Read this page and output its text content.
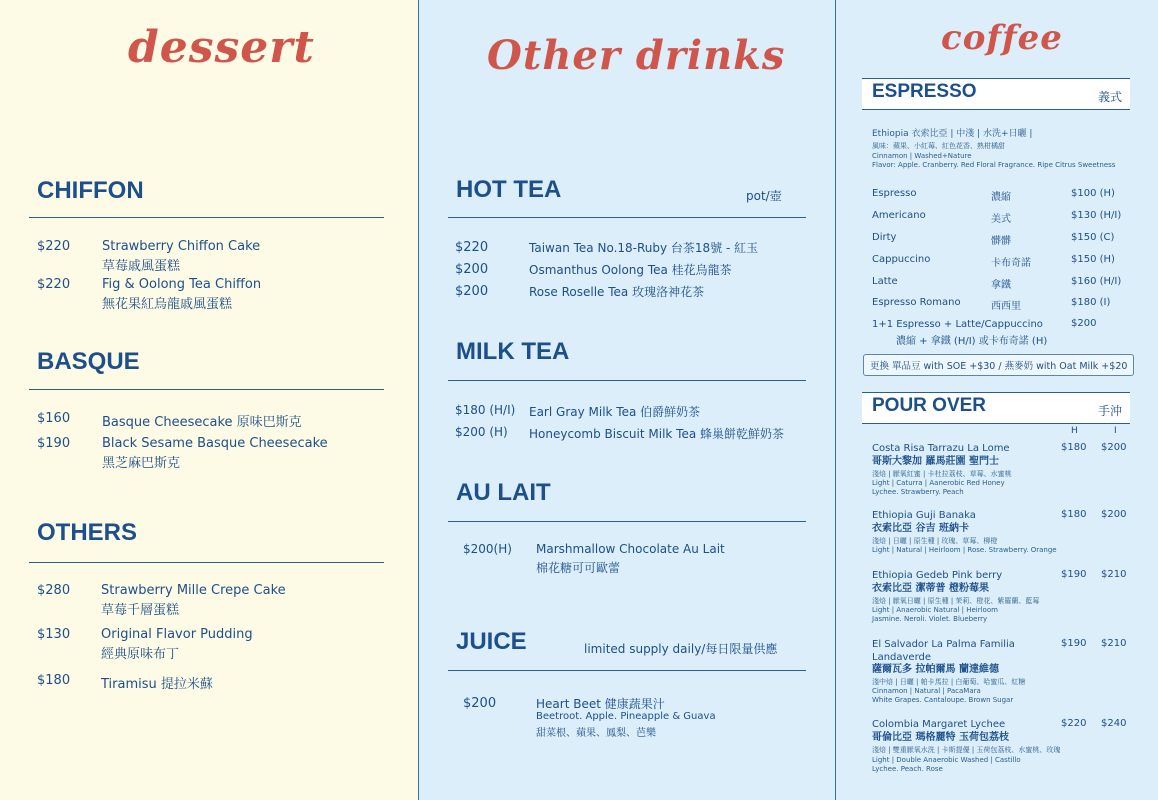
dessert
CHIFFON
$220 Strawberry Chiffon Cake
草莓戚風蛋糕
$220 Fig & Oolong Tea Chiffon
無花果紅烏龍戚風蛋糕
BASQUE
$160 Basque Cheesecake 原味巴斯克
$190 Black Sesame Basque Cheesecake
黑芝麻巴斯克
OTHERS
$280 Strawberry Mille Crepe Cake
草莓千層蛋糕
$130 Original Flavor Pudding
經典原味布丁
$180 Tiramisu 提拉米蘇
Other drinks
HOT TEA	pot/壺
$220	Taiwan Tea No.18-Ruby 台茶18號 - 紅玉
$200	Osmanthus Oolong Tea 桂花烏龍茶
$200	Rose Roselle Tea 玫瑰洛神花茶
MILK TEA
$180 (H/I) Earl Gray Milk Tea 伯爵鮮奶茶
$200 (H) Honeycomb Biscuit Milk Tea 蜂巢餅乾鮮奶茶
AU LAIT
$200(H) Marshmallow Chocolate Au Lait
棉花糖可可歐蕾
JUICE	limited supply daily/每日限量供應
$200	Heart Beet 健康蔬果汁
Beetroot. Apple. Pineapple & Guava
甜菜根、蘋果、鳳梨、芭樂
coffee
ESPRESSO	義式
Ethiopia 衣索比亞 | 中淺 | 水洗+日曬 |
風味：蘋果、小紅莓、紅色花香、熟柑橘甜
Cinnamon | Washed+Nature
Flavor: Apple. Cranberry. Red Floral Fragrance. Ripe Citrus Sweetness
Espresso	濃縮	$100 (H)
Americano	美式	$130 (H/I)
Dirty	髒髒	$150 (C)
Cappuccino	卡布奇諾	$150 (H)
Latte	拿鐵	$160 (H/I)
Espresso Romano	西西里	$180 (I)
1+1 Espresso + Latte/Cappuccino	$200
濃縮 + 拿鐵 (H/I) 或卡布奇諾 (H)
更換 單品豆 with SOE +$30 / 燕麥奶 with Oat Milk +$20
POUR OVER	手沖
H	I
Costa Risa Tarrazu La Lome	$180 $200
哥斯大黎加 羅馬莊園 聖門士
淺焙 | 厭氧紅蜜 | 卡杜拉荔枝、草莓、水蜜桃
Light | Caturra | Aanerobic Red Honey
Lychee. Strawberry. Peach
Ethiopia Guji Banaka	$180 $200
衣索比亞 谷吉 班納卡
淺焙 | 日曬 | 原生種 | 玫瑰、草莓、柳橙
Light | Natural | Heirloom | Rose. Strawberry. Orange
Ethiopia Gedeb Pink berry	$190 $210
衣索比亞 潔蒂普 橙粉莓果
淺焙 | 厭氧日曬 | 原生種 | 茉莉、橙花、紫羅蘭、藍莓
Light | Anaerobic Natural | Heirloom
Jasmine. Neroli. Violet. Blueberry
El Salvador La Palma Familia Landaverde
$190 $210
薩爾瓦多 拉帕爾馬 蘭達維德
淺中焙 | 日曬 | 帕卡馬拉 | 白葡萄、哈蜜瓜、紅糖
Cinnamon | Natural | PacaMara
White Grapes. Cantaloupe. Brown Sugar
Colombia Margaret Lychee	$220 $240
哥倫比亞 瑪格麗特 玉荷包荔枝
淺焙 | 雙重厭氧水洗 | 卡斯提優 | 玉荷包荔枝、水蜜桃、玫瑰
Light | Double Anaerobic Washed | Castillo
Lychee. Peach. Rose
